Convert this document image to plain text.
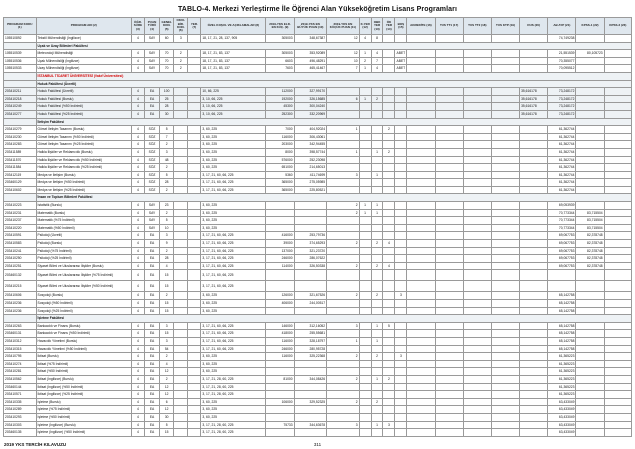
TABLO-4. Merkezi Yerleştirme İle Öğrenci Alan Yükseköğretim Lisans Programları
PROGRAM KODU (1)	PROGRAM ADI (2)	ÖĞR. SÜRE (3)	PUAN TÜRÜ (4)	GENEL KON. (5)	OKUL BİR. KON. (6)	YER. (7)	ÖZEL KOŞUL VE AÇIKLAMALAR (8)	2019-YKS ELD. EN KÜÇ. (9)	2019-YKS EN BÜYÜK PUAN (10)	2019-YKS EN KÜÇÜK PUAN (11)	K.YER (12)	OBK YER (13)	ÖK YER (14)	BOŞ (15)	AKREDİTE (16)	TUS TT1 (17)	TUS TT2 (18)	TUS KTP (19)	DUS (20)	AB AYP (21)	KPSS-1 (22)	KPSS-2 (23)
105510892	Tekstil Mühendisliği (İngilizce)	4	SAY	60	3		18, 17, 21, 28, 137, 905	305003	348,67387	12	4	8								74,749238		
	Uçak ve Uzay Bilimleri Fakültesi																					
105510539	Meteoroloji Mühendisliği	4	SAY	70	2		18, 17, 21, 83, 137	305003	353,92089	12	1	4		ABET						21,551539	80,105723	
105510536	Uçak Mühendisliği (İngilizce)	4	SAY	70	2		18, 17, 21, 83, 137	6603	496,48291	10	2	7		ABET						70,355077		
105510533	Uzay Mühendisliği (İngilizce)	4	SAY	70	2		18, 17, 21, 83, 137	7603	465,41467	7	1	4		ABET						70,095512		
	İSTANBUL TİCARET ÜNİVERSİTESİ (Vakıf Üniversitesi)																					
	Hukuk Fakültesi (Ücretli)																					
203410211	Hukuk Fakültesi (Ücretli)	4	EA	100			10, 66, 225	112000	327,99170										35,616178	73,248172		
203410218	Hukuk Fakültesi (Burslu)	4	EA	25			3, 10, 66, 225	192000	326,15685	6	1	2							35,616178	73,248172		
203410249	Hukuk Fakültesi (%50 İndirimli)	4	EA	28			3, 10, 66, 225	45300	300,04240										35,616178	73,248172		
203410277	Hukuk Fakültesi (%25 İndirimli)	4	EA	30			3, 10, 66, 225	252300	332,20969										35,616178	73,248172		
	İletişim Fakültesi																					
203410279	Görsel İletişim Tasarımı (Burslu)	4	SÖZ	5			3, 60, 225	7000	404,92024	1			2							61,362744		
203410230	Görsel İletişim Tasarımı (%50 İndirimli)	4	SÖZ	7			3, 60, 225	116000	306,43061											61,362744		
203410283	Görsel İletişim Tasarımı (%25 İndirimli)	4	SÖZ	2			3, 60, 225	203000	342,94455											61,362744		
203411589	Halkla İlişkiler ve Reklamcılık (Burslu)	4	SÖZ	3			3, 60, 225	8000	398,57744	1		1	2							61,362744		
203411570	Halkla İlişkiler ve Reklamcılık (%50 İndirimli)	4	SÖZ	48			3, 60, 225	576000	252,23098											61,362744		
203411584	Halkla İlişkiler ve Reklamcılık (%25 İndirimli)	4	SÖZ	2			3, 60, 225	651000	214,65013											61,362744		
203412119	Medya ve İletişim (Burslu)	4	SÖZ	5			3, 17, 21, 60, 66, 225	5360	411,74699	3		1								61,362744		
203460129	Medya ve İletişim (%50 İndirimli)	4	SÖZ	28			3, 17, 21, 60, 66, 225	365000	275,05985											61,362744		
203410602	Medya ve İletişim (%25 İndirimli)	4	SÖZ	2			3, 17, 21, 60, 66, 225	365000	225,80521											61,362744		
	İnsan ve Toplum Bilimleri Fakültesi																					
203410223	İstatistik (Burslu)	4	SAY	23			3, 60, 225			2	1	1								69,053939		
203410231	Matematik (Burslu)	4	SAY	2			3, 60, 225			2	1	1								70,773344	83,715504	
203410237	Matematik (%75 İndirimli)	4	SAY	5			3, 60, 225													70,773344	83,715504	
203410220	Matematik (%50 İndirimli)	4	SAY	10			3, 60, 225													70,773344	83,715504	
203410591	Psikoloji (Ücretli)	4	EA	3			3, 17, 21, 60, 66, 225	416000	253,79736											69,067753	82,378748	
203410583	Psikoloji (Burslu)	4	EA	9			3, 17, 21, 60, 66, 225	39000	374,65293	2		2	4							69,067753	82,378748	
203410241	Psikoloji (%75 İndirimli)	4	EA	2			3, 17, 21, 60, 66, 225	137000	321,23720											69,067753	82,378748	
203410250	Psikoloji (%25 İndirimli)	4	EA	28			3, 17, 21, 60, 66, 225	246000	286,07622											69,067753	82,378748	
203410251	Siyaset Bilimi ve Uluslararası İlişkiler (Burslu)	4	EA	4			3, 17, 21, 60, 66, 225	114000	326,50338	2		2	4							69,067753	82,378748	
203460132	Siyaset Bilimi ve Uluslararası İlişkiler (%75 İndirimli)	4	EA	15			3, 17, 21, 60, 66, 225															
203410215	Siyaset Bilimi ve Uluslararası İlişkiler (%50 İndirimli)	4	EA	15			3, 17, 21, 60, 66, 225															
203410606	Sosyoloji (Burslu)	4	EA	2			3, 60, 225	126000	321,67526	2		2		3						65,142758		
203410236	Sosyoloji (%50 İndirimli)	4	EA	15			3, 60, 225	406000	244,00517											65,142758		
203410236	Sosyoloji (%25 İndirimli)	4	EA	15			3, 60, 225													65,142758		
	İşletme Fakültesi																					
203410263	Bankacılık ve Finans (Burslu)	4	EA	3			3, 17, 21, 60, 66, 225	146000	312,16052	3		1	5							65,142758		
203460131	Bankacılık ve Finans (%50 İndirimli)	4	EA	15			3, 17, 21, 60, 66, 225	418000	255,55681											65,142758		
203410312	Havacılık Yönetimi (Burslu)	4	EA	3			3, 17, 21, 60, 66, 225	116000	328,18797	1		1								65,142758		
203410315	Havacılık Yönetimi (%50 İndirimli)	4	EA	54			3, 17, 21, 60, 66, 225	246000	280,95728											65,142758		
203410795	İktisat (Burslu)	4	EA	2			3, 60, 225	116000	325,22368	2		2		3						61,365223		
203410274	İktisat (%75 İndirimli)	4	EA	4			3, 60, 225													61,365223		
203410281	İktisat (%50 İndirimli)	4	EA	12			3, 60, 225													61,365223		
203410562	İktisat (İngilizce) (Burslu)	4	EA	2			3, 17, 21, 28, 60, 225	81000	344,08426	2		1	2							61,365223		
203460144	İktisat (İngilizce) (%50 İndirimli)	4	EA	12			3, 17, 21, 28, 60, 225													61,365223		
203410571	İktisat (İngilizce) (%25 İndirimli)	4	EA	12			3, 17, 21, 28, 60, 225													61,365223		
203410335	İşletme (Burslu)	4	EA	6			3, 60, 225	106000	329,52325	2		2								63,433049		
203410289	İşletme (%75 İndirimli)	4	EA	12			3, 60, 225													63,433049		
203410293	İşletme (%50 İndirimli)	4	EA	30			3, 60, 225													63,433049		
203410303	İşletme (İngilizce) (Burslu)	4	EA	5			3, 17, 21, 28, 60, 225	75733	344,63678	3		1	3							63,433049		
203460135	İşletme (İngilizce) (%50 İndirimli)	4	EA	15			3, 17, 21, 28, 60, 225													63,433049		
2019 YKS TERCİH KILAVUZU	311
